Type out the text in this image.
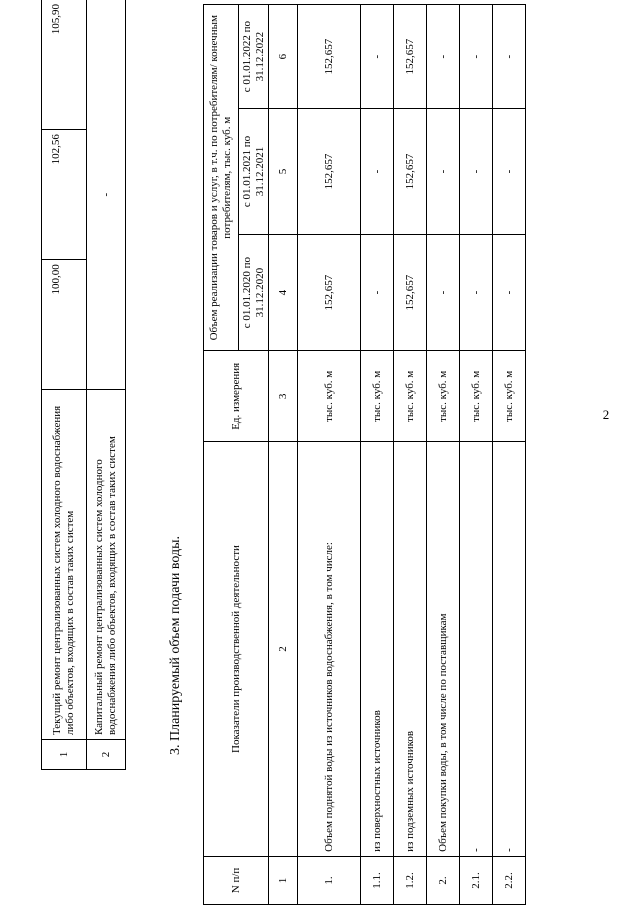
2
1	Текущий ремонт централизованных систем холодного водоснабжения либо объектов, входящих в состав таких систем	100,00	102,56	105,90
2	Капитальный ремонт централизованных систем холодного водоснабжения либо объектов, входящих в состав таких систем	-		
3. Планируемый объем подачи воды.
N п/п	Показатели производственной деятельности	Ед. измерения	Объем реализации товаров и услуг, в т.ч. по потребителям/ конечным потребителям, тыс. куб. м		
			с 01.01.2020 по 31.12.2020	с 01.01.2021 по 31.12.2021	с 01.01.2022 по 31.12.2022
1	2	3	4	5	6
1.	Объем поднятой воды из источников водоснабжения, в том числе:	тыс. куб. м	152,657	152,657	152,657
1.1.	из поверхностных источников	тыс. куб. м	-	-	-
1.2.	из подземных источников	тыс. куб. м	152,657	152,657	152,657
2.	Объем покупки воды, в том числе по поставщикам	тыс. куб. м	-	-	-
2.1.	-	тыс. куб. м	-	-	-
2.2.	-	тыс. куб. м	-	-	-
